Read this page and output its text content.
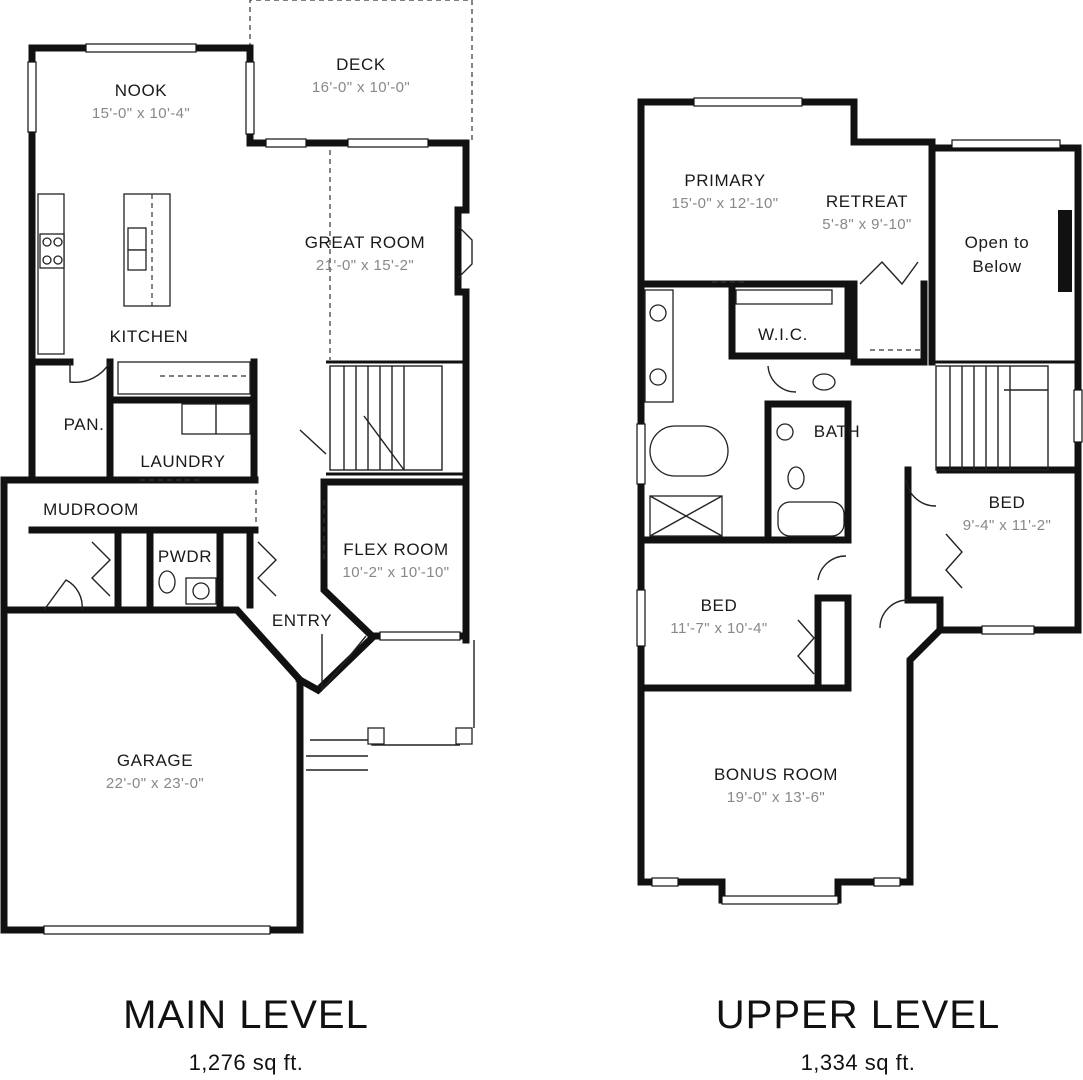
DECK
16'-0" x 10'-0"
NOOK
15'-0" x 10'-4"
GREAT ROOM
21'-0" x 15'-2"
KITCHEN
PAN.
LAUNDRY
MUDROOM
PWDR	FLEX ROOM
10'-2" x 10'-10"
ENTRY
GARAGE
22'-0" x 23'-0"
MAIN LEVEL
1,276 sq ft.
PRIMARY
15'-0" x 12'-10"	RETREAT
5'-8" x 9'-10"
Open to
Below
W.I.C.
BATH
BED
9'-4" x 11'-2"
BED
11'-7" x 10'-4"
BONUS ROOM
19'-0" x 13'-6"
UPPER LEVEL
1,334 sq ft.
